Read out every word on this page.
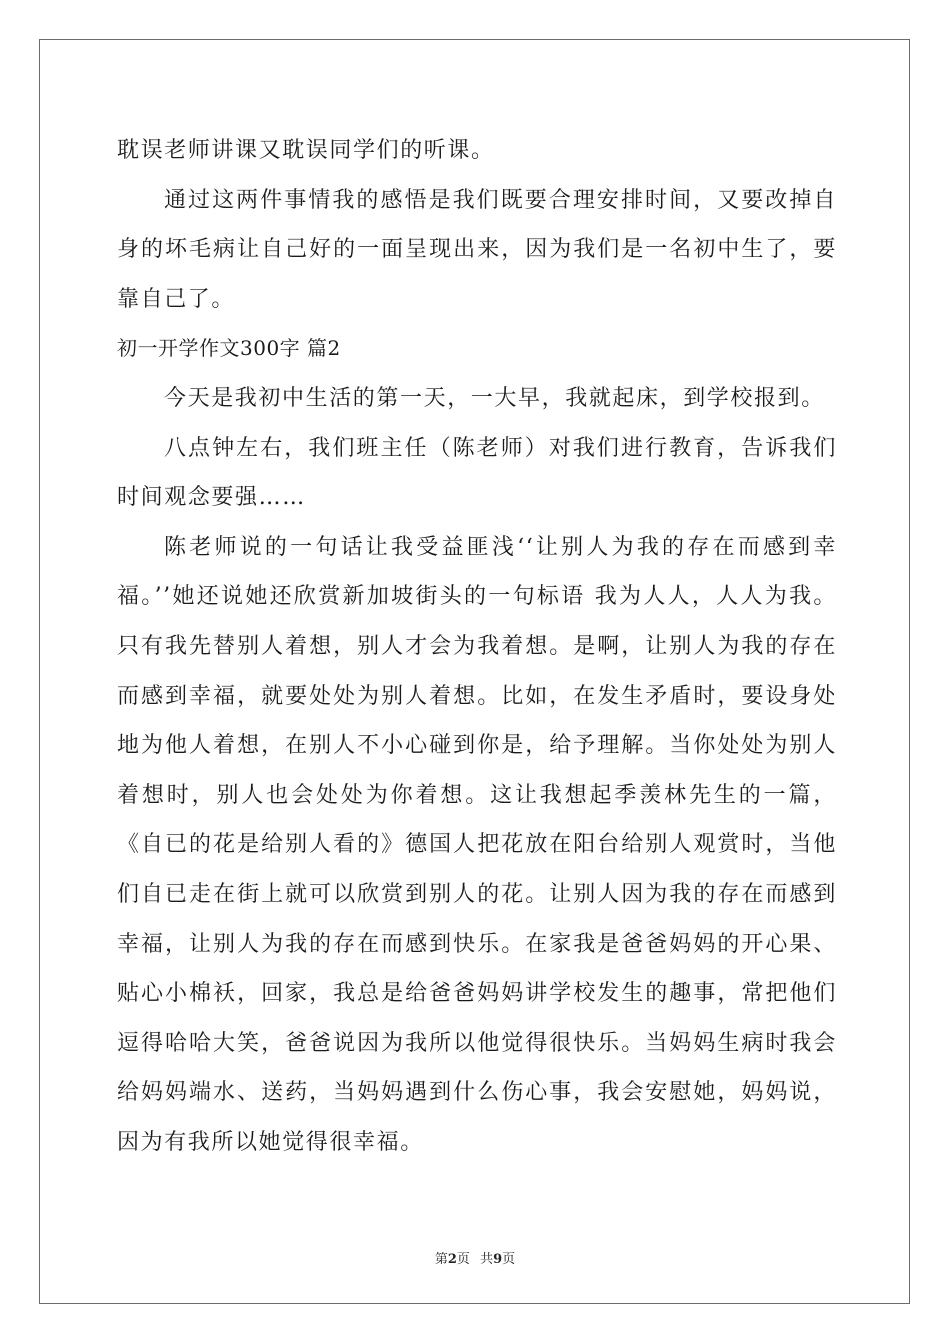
耽误老师讲课又耽误同学们的听课。

通过这两件事情我的感悟是我们既要合理安排时间，又要改掉自身的坏毛病让自己好的一面呈现出来，因为我们是一名初中生了，要靠自己了。

初一开学作文300字 篇2

今天是我初中生活的第一天，一大早，我就起床，到学校报到。

八点钟左右，我们班主任（陈老师）对我们进行教育，告诉我们时间观念要强……

陈老师说的一句话让我受益匪浅‘‘让别人为我的存在而感到幸福。’’她还说她还欣赏新加坡街头的一句标语 我为人人，人人为我。 只有我先替别人着想，别人才会为我着想。是啊，让别人为我的存在而感到幸福，就要处处为别人着想。比如，在发生矛盾时，要设身处地为他人着想，在别人不小心碰到你是，给予理解。当你处处为别人着想时，别人也会处处为你着想。这让我想起季羡林先生的一篇，《自已的花是给别人看的》德国人把花放在阳台给别人观赏时，当他们自已走在街上就可以欣赏到别人的花。让别人因为我的存在而感到幸福，让别人为我的存在而感到快乐。在家我是爸爸妈妈的开心果、贴心小棉袄，回家，我总是给爸爸妈妈讲学校发生的趣事，常把他们逗得哈哈大笑，爸爸说因为我所以他觉得很快乐。当妈妈生病时我会给妈妈端水、送药，当妈妈遇到什么伤心事，我会安慰她，妈妈说，因为有我所以她觉得很幸福。

第2页 共9页
